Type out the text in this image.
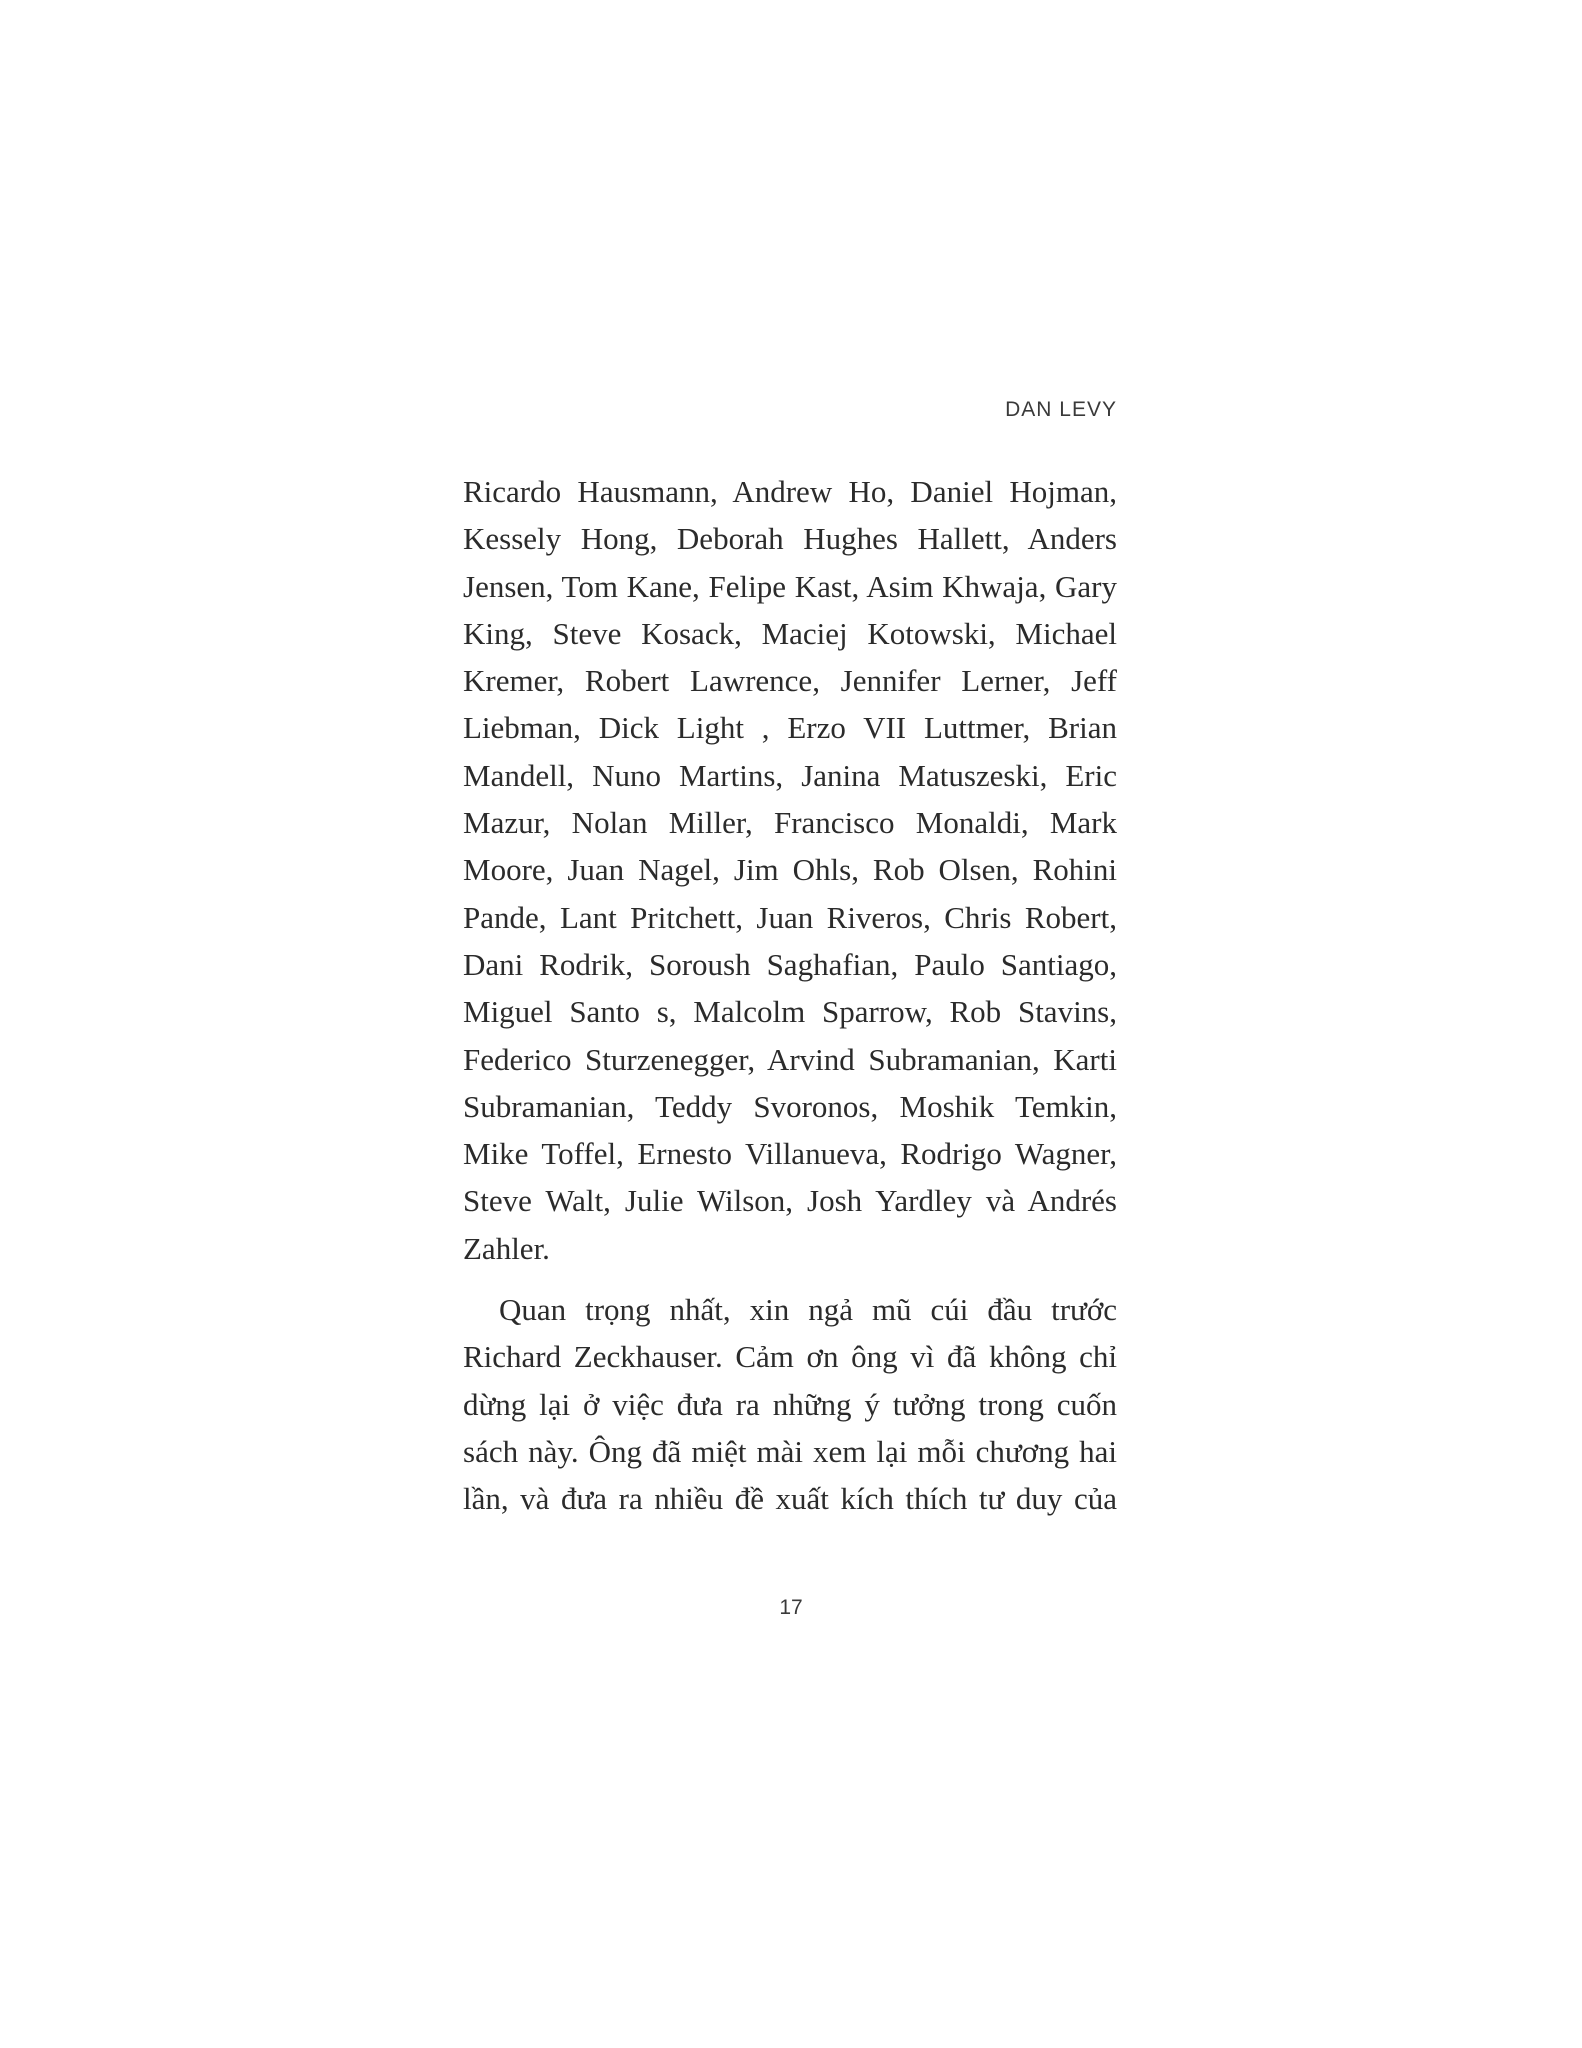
DAN LEVY

Ricardo Hausmann, Andrew Ho, Daniel Hojman, Kessely Hong, Deborah Hughes Hallett, Anders Jensen, Tom Kane, Felipe Kast, Asim Khwaja, Gary King, Steve Kosack, Maciej Kotowski, Michael Kremer, Robert Lawrence, Jennifer Lerner, Jeff Liebman, Dick Light , Erzo VII Luttmer, Brian Mandell, Nuno Martins, Janina Matuszeski, Eric Mazur, Nolan Miller, Francisco Monaldi, Mark Moore, Juan Nagel, Jim Ohls, Rob Olsen, Rohini Pande, Lant Pritchett, Juan Riveros, Chris Robert, Dani Rodrik, Soroush Saghafian, Paulo Santiago, Miguel Santo s, Malcolm Sparrow, Rob Stavins, Federico Sturzenegger, Arvind Subramanian, Karti Subramanian, Teddy Svoronos, Moshik Temkin, Mike Toffel, Ernesto Villanueva, Rodrigo Wagner, Steve Walt, Julie Wilson, Josh Yardley và Andrés Zahler.

Quan trọng nhất, xin ngả mũ cúi đầu trước Richard Zeckhauser. Cảm ơn ông vì đã không chỉ dừng lại ở việc đưa ra những ý tưởng trong cuốn sách này. Ông đã miệt mài xem lại mỗi chương hai lần, và đưa ra nhiều đề xuất kích thích tư duy của

17
